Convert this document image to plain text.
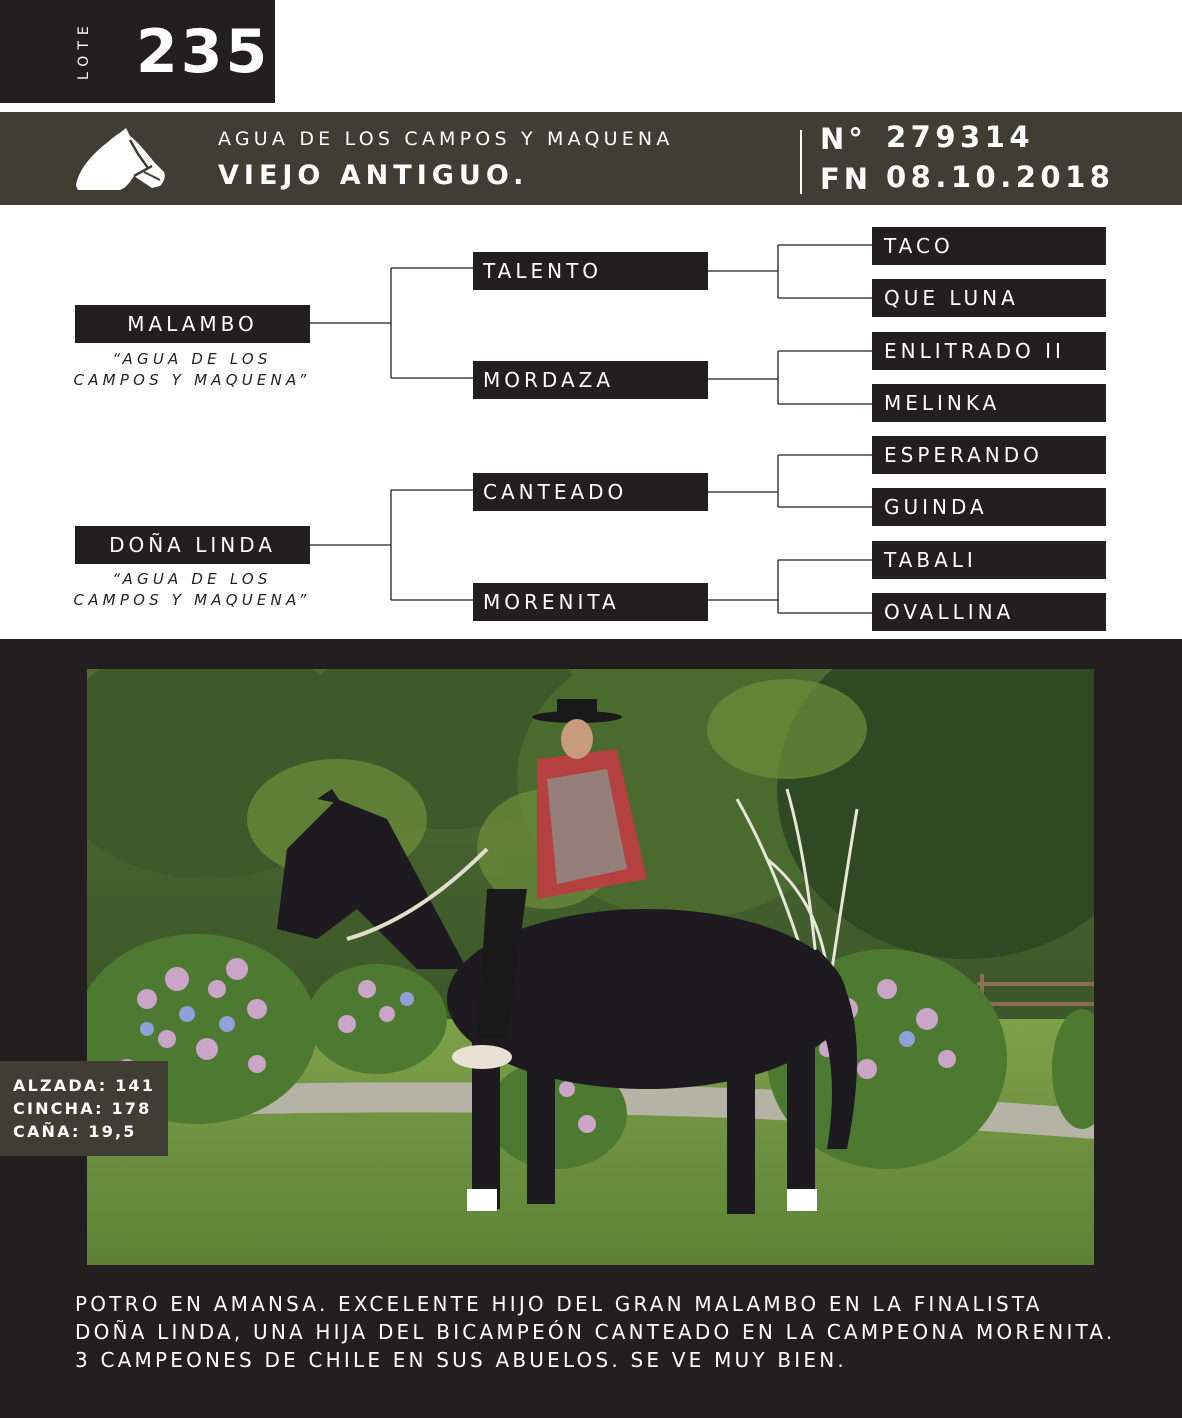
LOTE 235
AGUA DE LOS CAMPOS Y MAQUENA
VIEJO ANTIGUO.
N° 279314
FN 08.10.2018
MALAMBO
“AGUA DE LOS
CAMPOS Y MAQUENA”
DOÑA LINDA
“AGUA DE LOS
CAMPOS Y MAQUENA”
TALENTO
MORDAZA
CANTEADO
MORENITA
TACO
QUE LUNA
ENLITRADO II
MELINKA
ESPERANDO
GUINDA
TABALI
OVALLINA
ALZADA: 141
CINCHA: 178
CAÑA: 19,5
POTRO EN AMANSA. EXCELENTE HIJO DEL GRAN MALAMBO EN LA FINALISTA
DOÑA LINDA, UNA HIJA DEL BICAMPEÓN CANTEADO EN LA CAMPEONA MORENITA.
3 CAMPEONES DE CHILE EN SUS ABUELOS. SE VE MUY BIEN.
